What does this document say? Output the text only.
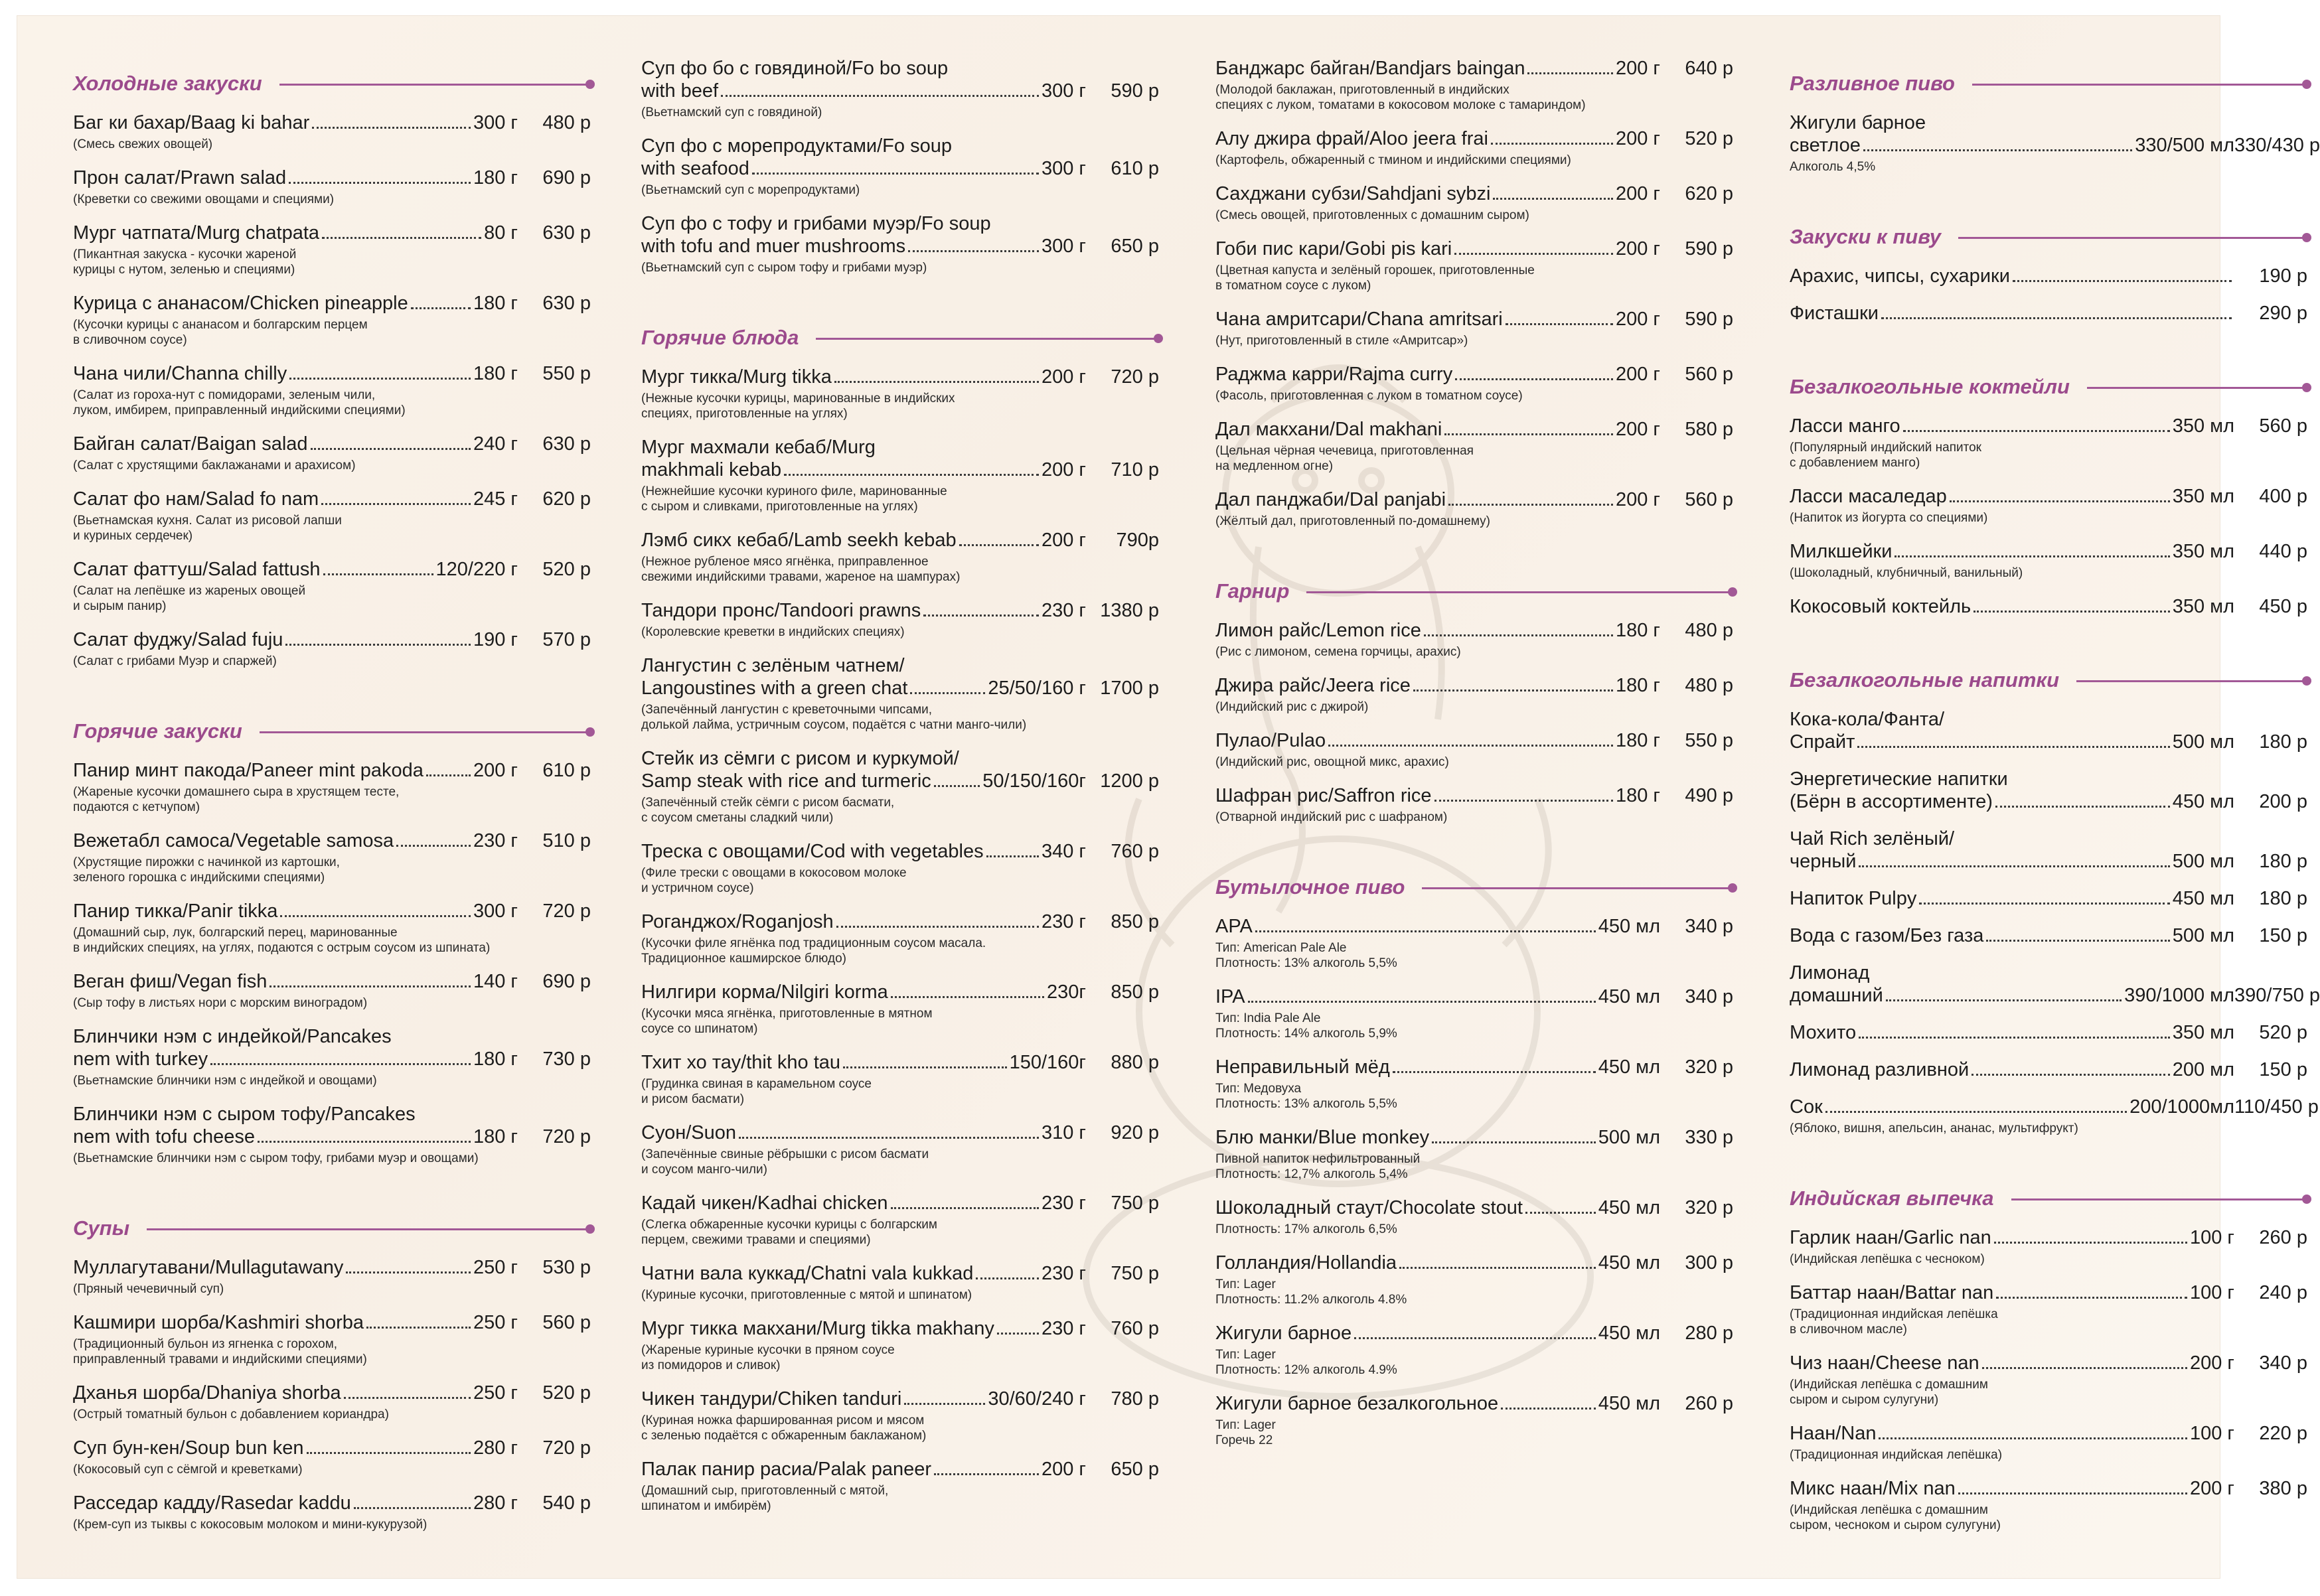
Холодные закуски
Баг ки бахар/Baag ki bahar	300 г	480 р
(Смесь свежих овощей)
Прон салат/Prawn salad	180 г	690 р
(Креветки со свежими овощами и специями)
Мург чатпата/Murg chatpata	80 г	630 р
(Пикантная закуска - кусочки жареной
курицы с нутом, зеленью и специями)
Курица с ананасом/Chicken pineapple	180 г	630 р
(Кусочки курицы с ананасом и болгарским перцем
в сливочном соусе)
Чана чили/Channa chilly	180 г	550 р
(Салат из гороха-нут с помидорами, зеленым чили,
луком, имбирем, приправленный индийскими специями)
Байган салат/Baigan salad	240 г	630 р
(Салат с хрустящими баклажанами и арахисом)
Салат фо нам/Salad fo nam	245 г	620 р
(Вьетнамская кухня. Салат из рисовой лапши
и куриных сердечек)
Салат фаттуш/Salad fattush	120/220 г	520 р
(Салат на лепёшке из жареных овощей
и сырым панир)
Салат фуджу/Salad fuju	190 г	570 р
(Салат с грибами Муэр и спаржей)
Горячие закуски
Панир минт пакода/Paneer mint pakoda	200 г	610 р
(Жареные кусочки домашнего сыра в хрустящем тесте,
подаются с кетчупом)
Вежетабл самоса/Vegetable samosa	230 г	510 р
(Хрустящие пирожки с начинкой из картошки,
зеленого горошка с индийскими специями)
Панир тикка/Panir tikka	300 г	720 р
(Домашний сыр, лук, болгарский перец, маринованные
в индийских специях, на углях, подаются с острым соусом из шпината)
Веган фиш/Vegan fish	140 г	690 р
(Сыр тофу в листьях нори с морским виноградом)
Блинчики нэм с индейкой/Pancakes
nem with turkey	180 г	730 р
(Вьетнамские блинчики нэм с индейкой и овощами)
Блинчики нэм с сыром тофу/Pancakes
nem with tofu cheese	180 г	720 р
(Вьетнамские блинчики нэм с сыром тофу, грибами муэр и овощами)
Супы
Муллагутавани/Mullagutawany	250 г	530 р
(Пряный чечевичный суп)
Кашмири шорба/Kashmiri shorba	250 г	560 р
(Традиционный бульон из ягненка с горохом,
приправленный травами и индийскими специями)
Дханья шорба/Dhaniya shorba	250 г	520 р
(Острый томатный бульон с добавлением кориандра)
Суп бун-кен/Soup bun ken	280 г	720 р
(Кокосовый суп с сёмгой и креветками)
Расседар кадду/Rasedar kaddu	280 г	540 р
(Крем-суп из тыквы с кокосовым молоком и мини-кукурузой)
Суп фо бо с говядиной/Fo bo soup
with beef	300 г	590 р
(Вьетнамский суп с говядиной)
Суп фо с морепродуктами/Fo soup
with seafood	300 г	610 р
(Вьетнамский суп с морепродуктами)
Суп фо с тофу и грибами муэр/Fo soup
with tofu and muer mushrooms	300 г	650 р
(Вьетнамский суп с сыром тофу и грибами муэр)
Горячие блюда
Мург тикка/Murg tikka	200 г	720 р
(Нежные кусочки курицы, маринованные в индийских
специях, приготовленные на углях)
Мург махмали кебаб/Murg
makhmali kebab	200 г	710 р
(Нежнейшие кусочки куриного филе, маринованные
с сыром и сливками, приготовленные на углях)
Лэмб сикх кебаб/Lamb seekh kebab	200 г	790р
(Нежное рубленое мясо ягнёнка, приправленное
свежими индийскими травами, жареное на шампурах)
Тандори пронс/Tandoori prawns	230 г 1380 р
(Королевские креветки в индийских специях)
Лангустин с зелёным чатнем/
Langoustines with a green chat	25/50/160 г 1700 р
(Запечённый лангустин с креветочными чипсами,
долькой лайма, устричным соусом, подаётся с чатни манго-чили)
Стейк из сёмги с рисом и куркумой/
Samp steak with rice and turmeric	50/150/160г 1200 р
(Запечённый стейк сёмги с рисом басмати,
с соусом сметаны сладкий чили)
Треска с овощами/Cod with vegetables	340 г	760 р
(Филе трески с овощами в кокосовом молоке
и устричном соусе)
Роганджох/Roganjosh	230 г	850 р
(Кусочки филе ягнёнка под традиционным соусом масала.
Традиционное кашмирское блюдо)
Нилгири корма/Nilgiri korma	230г	850 р
(Кусочки мяса ягнёнка, приготовленные в мятном
соусе со шпинатом)
Тхит хо тау/thit kho tau	150/160г	880 р
(Грудинка свиная в карамельном соусе
и рисом басмати)
Суон/Suon	310 г	920 р
(Запечённые свиные рёбрышки с рисом басмати
и соусом манго-чили)
Кадай чикен/Kadhai chicken	230 г	750 р
(Слегка обжаренные кусочки курицы с болгарским
перцем, свежими травами и специями)
Чатни вала куккад/Chatni vala kukkad	230 г	750 р
(Куриные кусочки, приготовленные с мятой и шпинатом)
Мург тикка макхани/Murg tikka makhany 230 г	760 р
(Жареные куриные кусочки в пряном соусе
из помидоров и сливок)
Чикен тандури/Chiken tanduri	30/60/240 г	780 р
(Куриная ножка фаршированная рисом и мясом
с зеленью подаётся с обжаренным баклажаном)
Палак панир расиа/Palak paneer	200 г	650 р
(Домашний сыр, приготовленный с мятой,
шпинатом и имбирём)
Банджарс байган/Bandjars baingan	200 г	640 р
(Молодой баклажан, приготовленный в индийских
специях с луком, томатами в кокосовом молоке с тамариндом)
Алу джира фрай/Aloo jeera frai	200 г	520 р
(Картофель, обжаренный с тмином и индийскими специями)
Сахджани субзи/Sahdjani sybzi	200 г	620 р
(Смесь овощей, приготовленных с домашним сыром)
Гоби пис кари/Gobi pis kari	200 г	590 р
(Цветная капуста и зелёный горошек, приготовленные
в томатном соусе с луком)
Чана амритсари/Chana amritsari	200 г	590 р
(Нут, приготовленный в стиле «Амритсар»)
Раджма карри/Rajma curry	200 г	560 р
(Фасоль, приготовленная с луком в томатном соусе)
Дал макхани/Dal makhani	200 г	580 р
(Цельная чёрная чечевица, приготовленная
на медленном огне)
Дал панджаби/Dal panjabi	200 г	560 р
(Жёлтый дал, приготовленный по-домашнему)
Гарнир
Лимон райс/Lemon rice	180 г	480 р
(Рис с лимоном, семена горчицы, арахис)
Джира райс/Jeera rice	180 г	480 р
(Индийский рис с джирой)
Пулао/Pulao	180 г	550 р
(Индийский рис, овощной микс, арахис)
Шафран рис/Saffron rice	180 г	490 р
(Отварной индийский рис с шафраном)
Бутылочное пиво
APA	450 мл	340 р
Тип: American Pale Ale
Плотность: 13% алкоголь 5,5%
IPA	450 мл	340 р
Тип: India Pale Ale
Плотность: 14% алкоголь 5,9%
Неправильный мёд	450 мл	320 р
Тип: Медовуха
Плотность: 13% алкоголь 5,5%
Блю манки/Blue monkey	500 мл	330 р
Пивной напиток нефильтрованный
Плотность: 12,7% алкоголь 5,4%
Шоколадный стаут/Chocolate stout	450 мл	320 р
Плотность: 17% алкоголь 6,5%
Голландия/Hollandia	450 мл	300 р
Тип: Lager
Плотность: 11.2% алкоголь 4.8%
Жигули барное	450 мл	280 р
Тип: Lager
Плотность: 12% алкоголь 4.9%
Жигули барное безалкогольное	450 мл	260 р
Тип: Lager
Горечь 22
Разливное пиво
Жигули барное
светлое	330/500 мл 330/430 р
Алкоголь 4,5%
Закуски к пиву
Арахис, чипсы, сухарики	190 р
Фисташки	290 р
Безалкогольные коктейли
Ласси манго	350 мл	560 р
(Популярный индийский напиток
с добавлением манго)
Ласси масаледар	350 мл	400 р
(Напиток из йогурта со специями)
Милкшейки	350 мл	440 р
(Шоколадный, клубничный, ванильный)
Кокосовый коктейль	350 мл	450 р
Безалкогольные напитки
Кока-кола/Фанта/
Спрайт	500 мл	180 р
Энергетические напитки
(Бёрн в ассортименте)	450 мл	200 р
Чай Rich зелёный/
черный	500 мл	180 р
Напиток Pulpy	450 мл	180 р
Вода с газом/Без газа	500 мл	150 р
Лимонад
домашний	390/1000 мл 390/750 р
Мохито	350 мл	520 р
Лимонад разливной	200 мл	150 р
Сок	200/1000мл 110/450 р
(Яблоко, вишня, апельсин, ананас, мультифрукт)
Индийская выпечка
Гарлик наан/Garlic nan	100 г	260 р
(Индийская лепёшка с чесноком)
Баттар наан/Battar nan	100 г	240 р
(Традиционная индийская лепёшка
в сливочном масле)
Чиз наан/Cheese nan	200 г	340 р
(Индийская лепёшка с домашним
сыром и сыром сулугуни)
Наан/Nan	100 г	220 р
(Традиционная индийская лепёшка)
Микс наан/Mix nan	200 г	380 р
(Индийская лепёшка с домашним
сыром, чесноком и сыром сулугуни)
